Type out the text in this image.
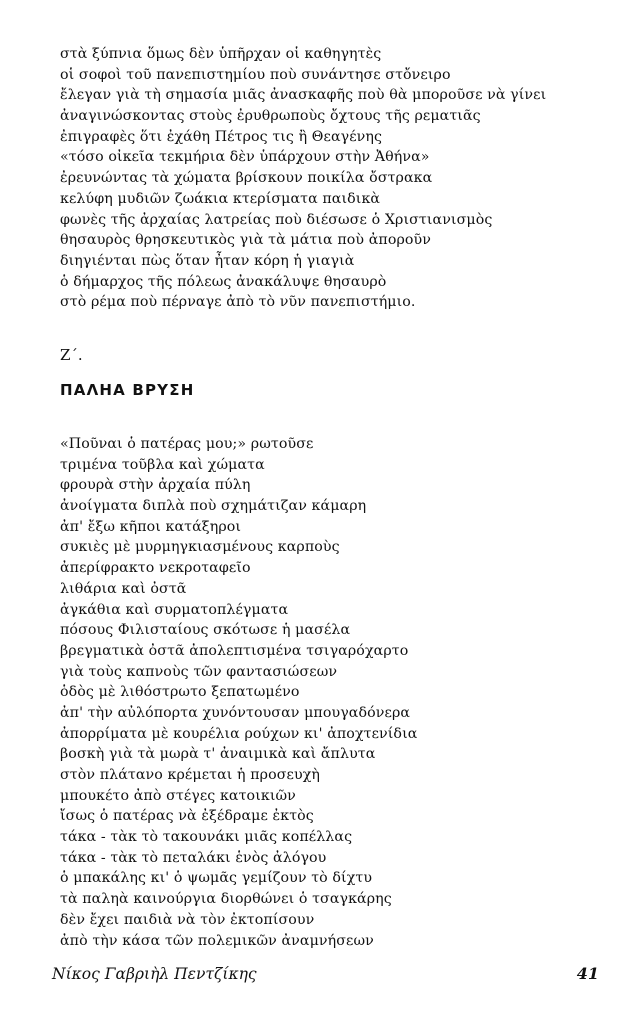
στὰ ξύπνια ὅμως δὲν ὑπῆρχαν οἱ καθηγητὲς
οἱ σοφοὶ τοῦ πανεπιστημίου ποὺ συνάντησε στὄνειρο
ἔλεγαν γιὰ τὴ σημασία μιᾶς ἀνασκαφῆς ποὺ θὰ μποροῦσε νὰ γίνει
ἀναγινώσκοντας στοὺς ἐρυθρωποὺς ὄχτους τῆς ρεματιᾶς
ἐπιγραφὲς ὅτι ἐχάθη Πέτρος τις ἢ Θεαγένης
«τόσο οἰκεῖα τεκμήρια δὲν ὑπάρχουν στὴν Ἀθήνα»
ἐρευνώντας τὰ χώματα βρίσκουν ποικίλα ὄστρακα
κελύφη μυδιῶν ζωάκια κτερίσματα παιδικὰ
φωνὲς τῆς ἀρχαίας λατρείας ποὺ διέσωσε ὁ Χριστιανισμὸς
θησαυρὸς θρησκευτικὸς γιὰ τὰ μάτια ποὺ ἀποροῦν
διηγιένται πὼς ὅταν ἦταν κόρη ἡ γιαγιὰ
ὁ δήμαρχος τῆς πόλεως ἀνακάλυψε θησαυρὸ
στὸ ρέμα ποὺ πέρναγε ἀπὸ τὸ νῦν πανεπιστήμιο.
Ζ΄.
ΠΑΛΗΑ ΒΡΥΣΗ
«Ποῦναι ὁ πατέρας μου;» ρωτοῦσε
τριμένα τοῦβλα καὶ χώματα
φρουρὰ στὴν ἀρχαία πύλη
ἀνοίγματα διπλὰ ποὺ σχημάτιζαν κάμαρη
ἀπ' ἔξω κῆποι κατάξηροι
συκιὲς μὲ μυρμηγκιασμένους καρποὺς
ἀπερίφρακτο νεκροταφεῖο
λιθάρια καὶ ὀστᾶ
ἀγκάθια καὶ συρματοπλέγματα
πόσους Φιλισταίους σκότωσε ἡ μασέλα
βρεγματικὰ ὀστᾶ ἀπολεπτισμένα τσιγαρόχαρτο
γιὰ τοὺς καπνοὺς τῶν φαντασιώσεων
ὁδὸς μὲ λιθόστρωτο ξεπατωμένο
ἀπ' τὴν αὐλόπορτα χυνόντουσαν μπουγαδόνερα
ἀπορρίματα μὲ κουρέλια ρούχων κι' ἀποχτενίδια
βοσκὴ γιὰ τὰ μωρὰ τ' ἀναιμικὰ καὶ ἄπλυτα
στὸν πλάτανο κρέμεται ἡ προσευχὴ
μπουκέτο ἀπὸ στέγες κατοικιῶν
ἴσως ὁ πατέρας νὰ ἐξέδραμε ἐκτὸς
τάκα - τὰκ τὸ τακουνάκι μιᾶς κοπέλλας
τάκα - τὰκ τὸ πεταλάκι ἑνὸς ἀλόγου
ὁ μπακάλης κι' ὁ ψωμᾶς γεμίζουν τὸ δίχτυ
τὰ παληὰ καινούργια διορθώνει ὁ τσαγκάρης
δὲν ἔχει παιδιὰ νὰ τὸν ἐκτοπίσουν
ἀπὸ τὴν κάσα τῶν πολεμικῶν ἀναμνήσεων
Νίκος Γαβριὴλ Πεντζίκης	41
